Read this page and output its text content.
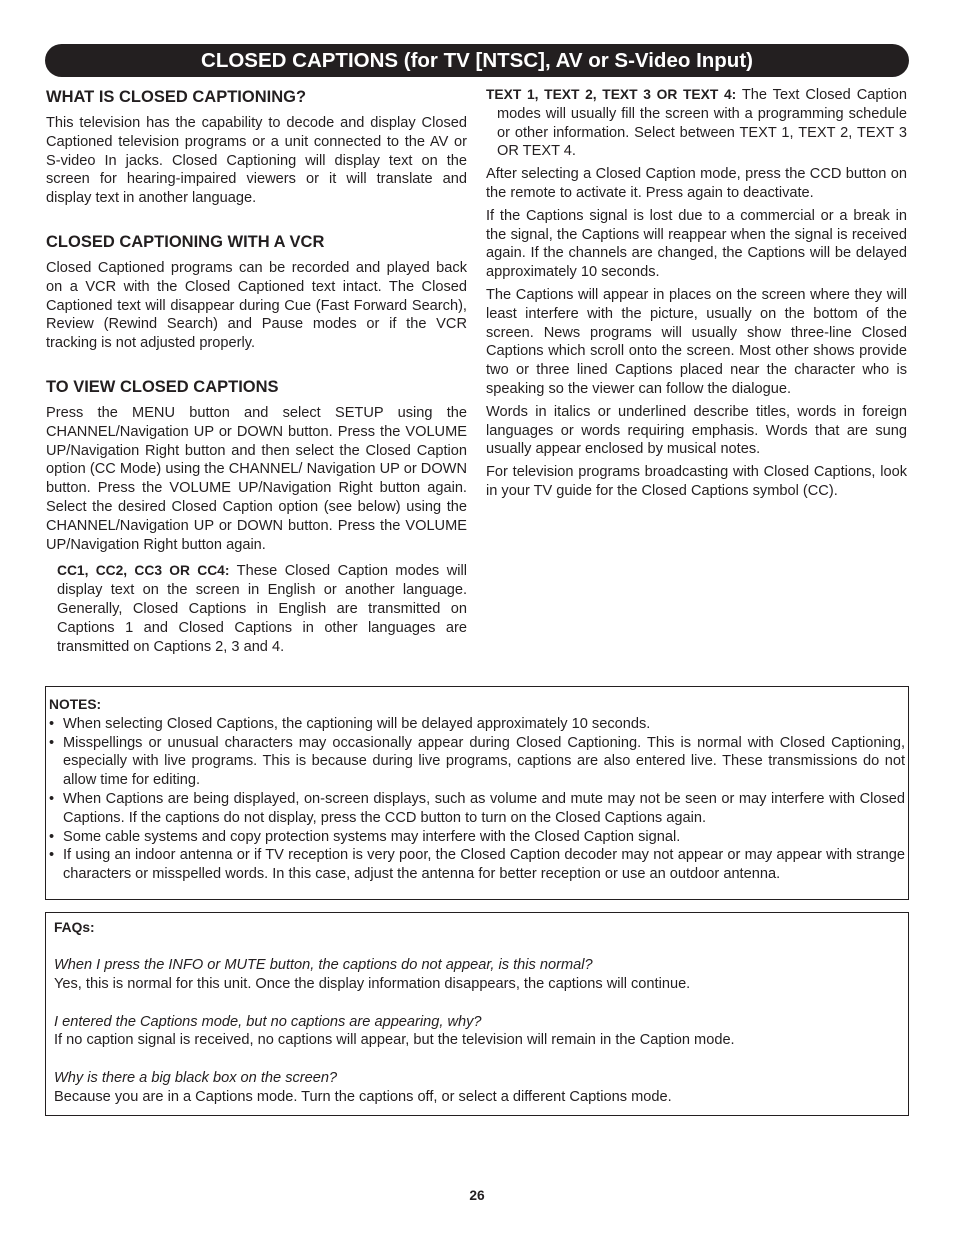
CLOSED CAPTIONS (for TV [NTSC], AV or S-Video Input)
WHAT IS CLOSED CAPTIONING?

This television has the capability to decode and display Closed Captioned television programs or a unit connected to the AV or S-video In jacks. Closed Captioning will display text on the screen for hearing-impaired viewers or it will translate and display text in another language.

CLOSED CAPTIONING WITH A VCR

Closed Captioned programs can be recorded and played back on a VCR with the Closed Captioned text intact. The Closed Captioned text will disappear during Cue (Fast Forward Search), Review (Rewind Search) and Pause modes or if the VCR tracking is not adjusted properly.

TO VIEW CLOSED CAPTIONS

Press the MENU button and select SETUP using the CHANNEL/Navigation UP or DOWN button. Press the VOLUME UP/Navigation Right button and then select the Closed Caption option (CC Mode) using the CHANNEL/ Navigation UP or DOWN button. Press the VOLUME UP/Navigation Right button again. Select the desired Closed Caption option (see below) using the CHANNEL/Navigation UP or DOWN button. Press the VOLUME UP/Navigation Right button again.

CC1, CC2, CC3 OR CC4: These Closed Caption modes will display text on the screen in English or another language. Generally, Closed Captions in English are transmitted on Captions 1 and Closed Captions in other languages are transmitted on Captions 2, 3 and 4.

TEXT 1, TEXT 2, TEXT 3 OR TEXT 4: The Text Closed Caption modes will usually fill the screen with a programming schedule or other information. Select between TEXT 1, TEXT 2, TEXT 3 OR TEXT 4.

After selecting a Closed Caption mode, press the CCD button on the remote to activate it. Press again to deactivate.

If the Captions signal is lost due to a commercial or a break in the signal, the Captions will reappear when the signal is received again. If the channels are changed, the Captions will be delayed approximately 10 seconds.

The Captions will appear in places on the screen where they will least interfere with the picture, usually on the bottom of the screen. News programs will usually show three-line Closed Captions which scroll onto the screen. Most other shows provide two or three lined Captions placed near the character who is speaking so the viewer can follow the dialogue.

Words in italics or underlined describe titles, words in foreign languages or words requiring emphasis. Words that are sung usually appear enclosed by musical notes.

For television programs broadcasting with Closed Captions, look in your TV guide for the Closed Captions symbol (CC).

NOTES:
• When selecting Closed Captions, the captioning will be delayed approximately 10 seconds.
• Misspellings or unusual characters may occasionally appear during Closed Captioning. This is normal with Closed Captioning, especially with live programs. This is because during live programs, captions are also entered live. These transmissions do not allow time for editing.
• When Captions are being displayed, on-screen displays, such as volume and mute may not be seen or may interfere with Closed Captions. If the captions do not display, press the CCD button to turn on the Closed Captions again.
• Some cable systems and copy protection systems may interfere with the Closed Caption signal.
• If using an indoor antenna or if TV reception is very poor, the Closed Caption decoder may not appear or may appear with strange characters or misspelled words. In this case, adjust the antenna for better reception or use an outdoor antenna.
FAQs:
When I press the INFO or MUTE button, the captions do not appear, is this normal?
Yes, this is normal for this unit. Once the display information disappears, the captions will continue.
I entered the Captions mode, but no captions are appearing, why?
If no caption signal is received, no captions will appear, but the television will remain in the Caption mode.
Why is there a big black box on the screen?
Because you are in a Captions mode. Turn the captions off, or select a different Captions mode.
26
